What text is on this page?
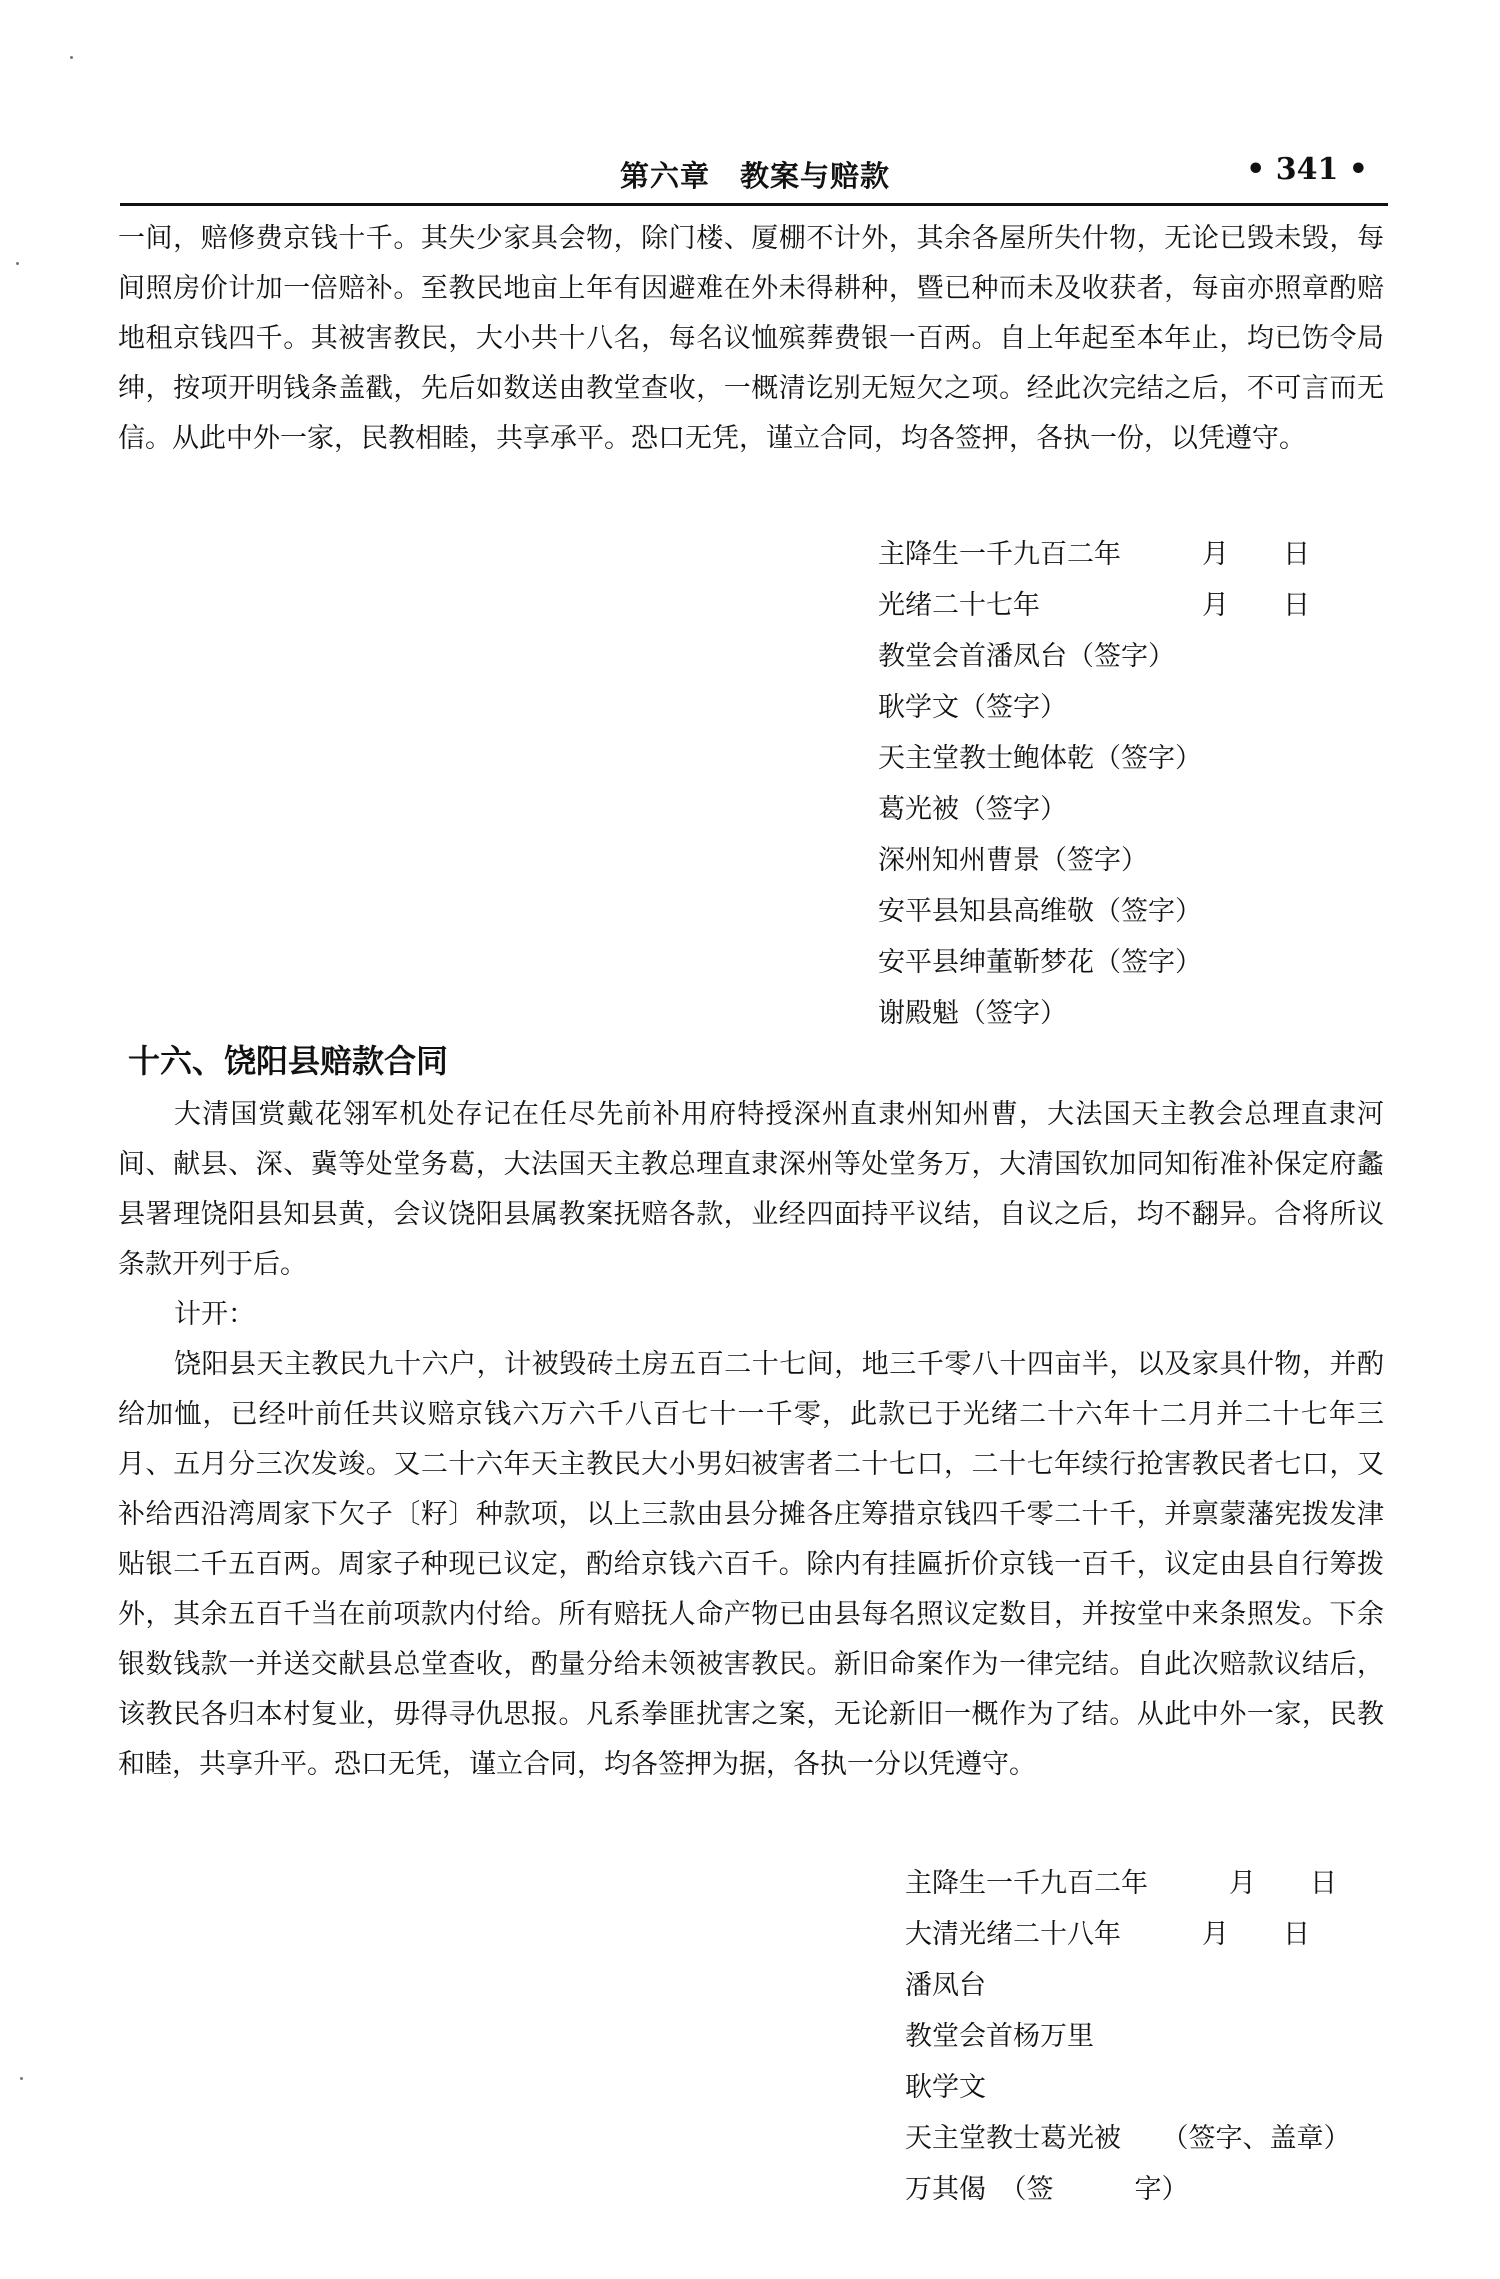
第六章　教案与赔款	• 341 •

一间，赔修费京钱十千。其失少家具会物，除门楼、厦棚不计外，其余各屋所失什物，无论已毁未毁，每间照房价计加一倍赔补。至教民地亩上年有因避难在外未得耕种，暨已种而未及收获者，每亩亦照章酌赔地租京钱四千。其被害教民，大小共十八名，每名议恤殡葬费银一百两。自上年起至本年止，均已饬令局绅，按项开明钱条盖戳，先后如数送由教堂查收，一概清讫别无短欠之项。经此次完结之后，不可言而无信。从此中外一家，民教相睦，共享承平。恐口无凭，谨立合同，均各签押，各执一份，以凭遵守。

主降生一千九百二年　　　月　　日
光绪二十七年　　　　　　月　　日
教堂会首潘凤台（签字）
耿学文（签字）
天主堂教士鲍体乾（签字）
葛光被（签字）
深州知州曹景（签字）
安平县知县高维敬（签字）
安平县绅董靳梦花（签字）
谢殿魁（签字）
十六、饶阳县赔款合同

大清国赏戴花翎军机处存记在任尽先前补用府特授深州直隶州知州曹，大法国天主教会总理直隶河间、献县、深、冀等处堂务葛，大法国天主教总理直隶深州等处堂务万，大清国钦加同知衔准补保定府蠡县署理饶阳县知县黄，会议饶阳县属教案抚赔各款，业经四面持平议结，自议之后，均不翻异。合将所议条款开列于后。

计开：

饶阳县天主教民九十六户，计被毁砖土房五百二十七间，地三千零八十四亩半，以及家具什物，并酌给加恤，已经叶前任共议赔京钱六万六千八百七十一千零，此款已于光绪二十六年十二月并二十七年三月、五月分三次发竣。又二十六年天主教民大小男妇被害者二十七口，二十七年续行抢害教民者七口，又补给西沿湾周家下欠子〔籽〕种款项，以上三款由县分摊各庄筹措京钱四千零二十千，并禀蒙藩宪拨发津贴银二千五百两。周家子种现已议定，酌给京钱六百千。除内有挂匾折价京钱一百千，议定由县自行筹拨外，其余五百千当在前项款内付给。所有赔抚人命产物已由县每名照议定数目，并按堂中来条照发。下余银数钱款一并送交献县总堂查收，酌量分给未领被害教民。新旧命案作为一律完结。自此次赔款议结后，该教民各归本村复业，毋得寻仇思报。凡系拳匪扰害之案，无论新旧一概作为了结。从此中外一家，民教和睦，共享升平。恐口无凭，谨立合同，均各签押为据，各执一分以凭遵守。

主降生一千九百二年　　　月　　日
大清光绪二十八年　　　月　　日
潘凤台
教堂会首杨万里
耿学文
天主堂教士葛光被　　（签字、盖章）
万其偈　（签　　　字）
